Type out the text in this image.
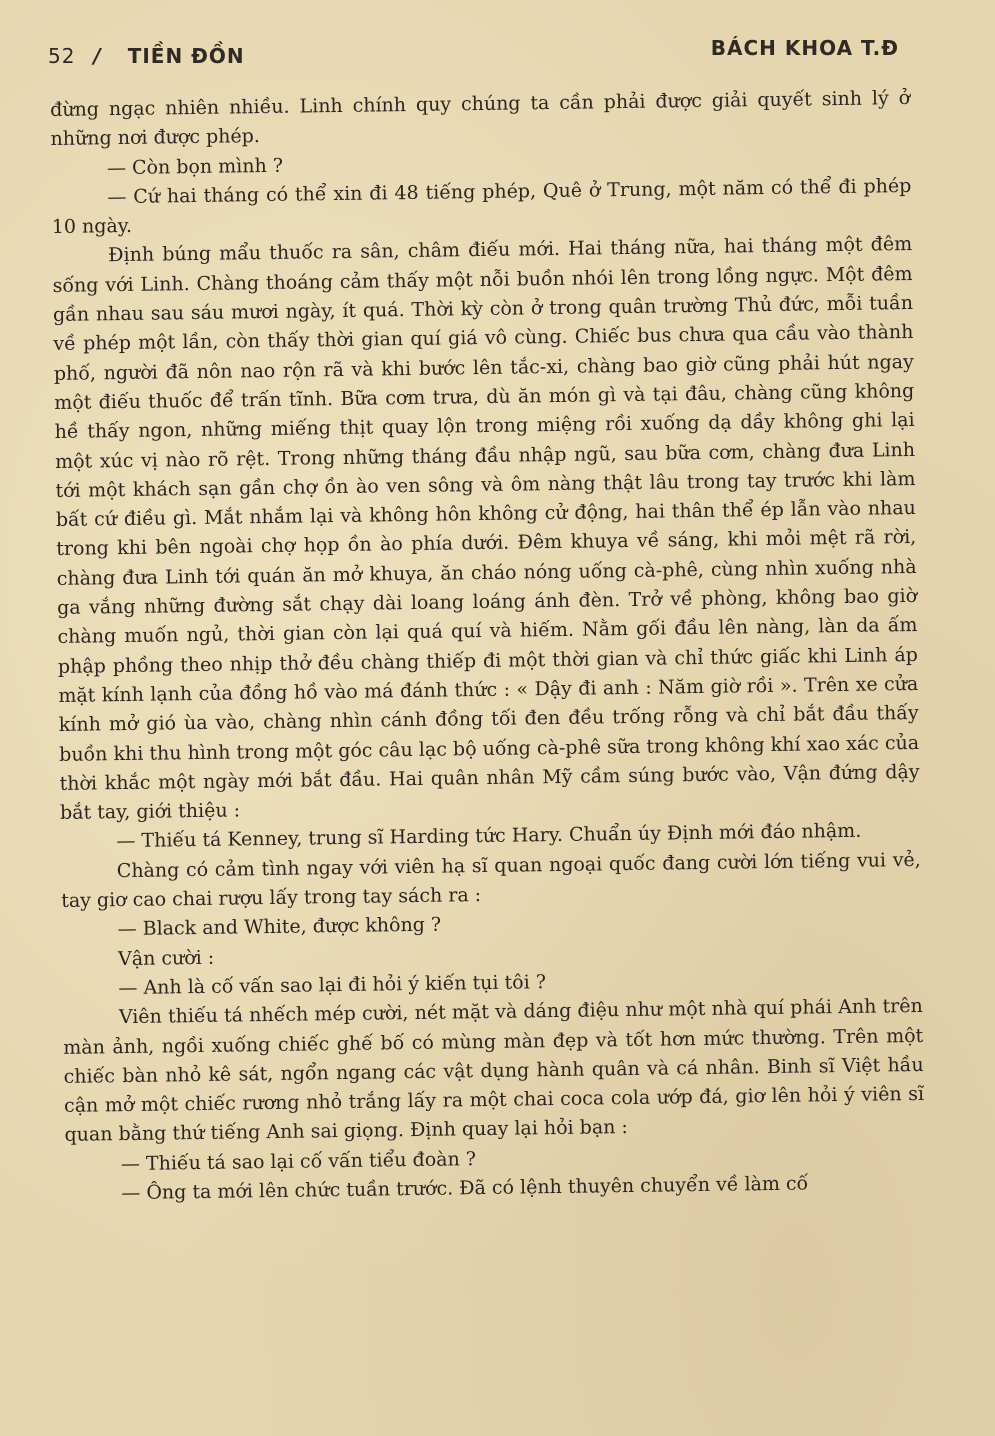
52 / TIỀN ĐỒN	BÁCH KHOA T.Đ

đừng ngạc nhiên nhiều. Linh chính quy chúng ta cần phải được giải quyết sinh lý ở những nơi được phép.

— Còn bọn mình ?

— Cứ hai tháng có thể xin đi 48 tiếng phép, Quê ở Trung, một năm có thể đi phép 10 ngày.

Định búng mẩu thuốc ra sân, châm điếu mới. Hai tháng nữa, hai tháng một đêm sống với Linh. Chàng thoáng cảm thấy một nỗi buồn nhói lên trong lồng ngực. Một đêm gần nhau sau sáu mươi ngày, ít quá. Thời kỳ còn ở trong quân trường Thủ đức, mỗi tuần về phép một lần, còn thấy thời gian quí giá vô cùng. Chiếc bus chưa qua cầu vào thành phố, người đã nôn nao rộn rã và khi bước lên tắc-xi, chàng bao giờ cũng phải hút ngay một điếu thuốc để trấn tĩnh. Bữa cơm trưa, dù ăn món gì và tại đâu, chàng cũng không hề thấy ngon, những miếng thịt quay lộn trong miệng rồi xuống dạ dầy không ghi lại một xúc vị nào rõ rệt. Trong những tháng đầu nhập ngũ, sau bữa cơm, chàng đưa Linh tới một khách sạn gần chợ ồn ào ven sông và ôm nàng thật lâu trong tay trước khi làm bất cứ điều gì. Mắt nhắm lại và không hôn không cử động, hai thân thể ép lẫn vào nhau trong khi bên ngoài chợ họp ồn ào phía dưới. Đêm khuya về sáng, khi mỏi mệt rã rời, chàng đưa Linh tới quán ăn mở khuya, ăn cháo nóng uống cà-phê, cùng nhìn xuống nhà ga vắng những đường sắt chạy dài loang loáng ánh đèn. Trở về phòng, không bao giờ chàng muốn ngủ, thời gian còn lại quá quí và hiếm. Nằm gối đầu lên nàng, làn da ấm phập phồng theo nhịp thở đều chàng thiếp đi một thời gian và chỉ thức giấc khi Linh áp mặt kính lạnh của đồng hồ vào má đánh thức : « Dậy đi anh : Năm giờ rồi ». Trên xe cửa kính mở gió ùa vào, chàng nhìn cánh đồng tối đen đều trống rỗng và chỉ bắt đầu thấy buồn khi thu hình trong một góc câu lạc bộ uống cà-phê sữa trong không khí xao xác của thời khắc một ngày mới bắt đầu. Hai quân nhân Mỹ cầm súng bước vào, Vận đứng dậy bắt tay, giới thiệu :

— Thiếu tá Kenney, trung sĩ Harding tức Hary. Chuẩn úy Định mới đáo nhậm.

Chàng có cảm tình ngay với viên hạ sĩ quan ngoại quốc đang cười lớn tiếng vui vẻ, tay giơ cao chai rượu lấy trong tay sách ra :

— Black and White, được không ?

Vận cười :

— Anh là cố vấn sao lại đi hỏi ý kiến tụi tôi ?

Viên thiếu tá nhếch mép cười, nét mặt và dáng điệu như một nhà quí phái Anh trên màn ảnh, ngồi xuống chiếc ghế bố có mùng màn đẹp và tốt hơn mức thường. Trên một chiếc bàn nhỏ kê sát, ngổn ngang các vật dụng hành quân và cá nhân. Binh sĩ Việt hầu cận mở một chiếc rương nhỏ trắng lấy ra một chai coca cola ướp đá, giơ lên hỏi ý viên sĩ quan bằng thứ tiếng Anh sai giọng. Định quay lại hỏi bạn :

— Thiếu tá sao lại cố vấn tiểu đoàn ?

— Ông ta mới lên chức tuần trước. Đã có lệnh thuyên chuyển về làm cố
